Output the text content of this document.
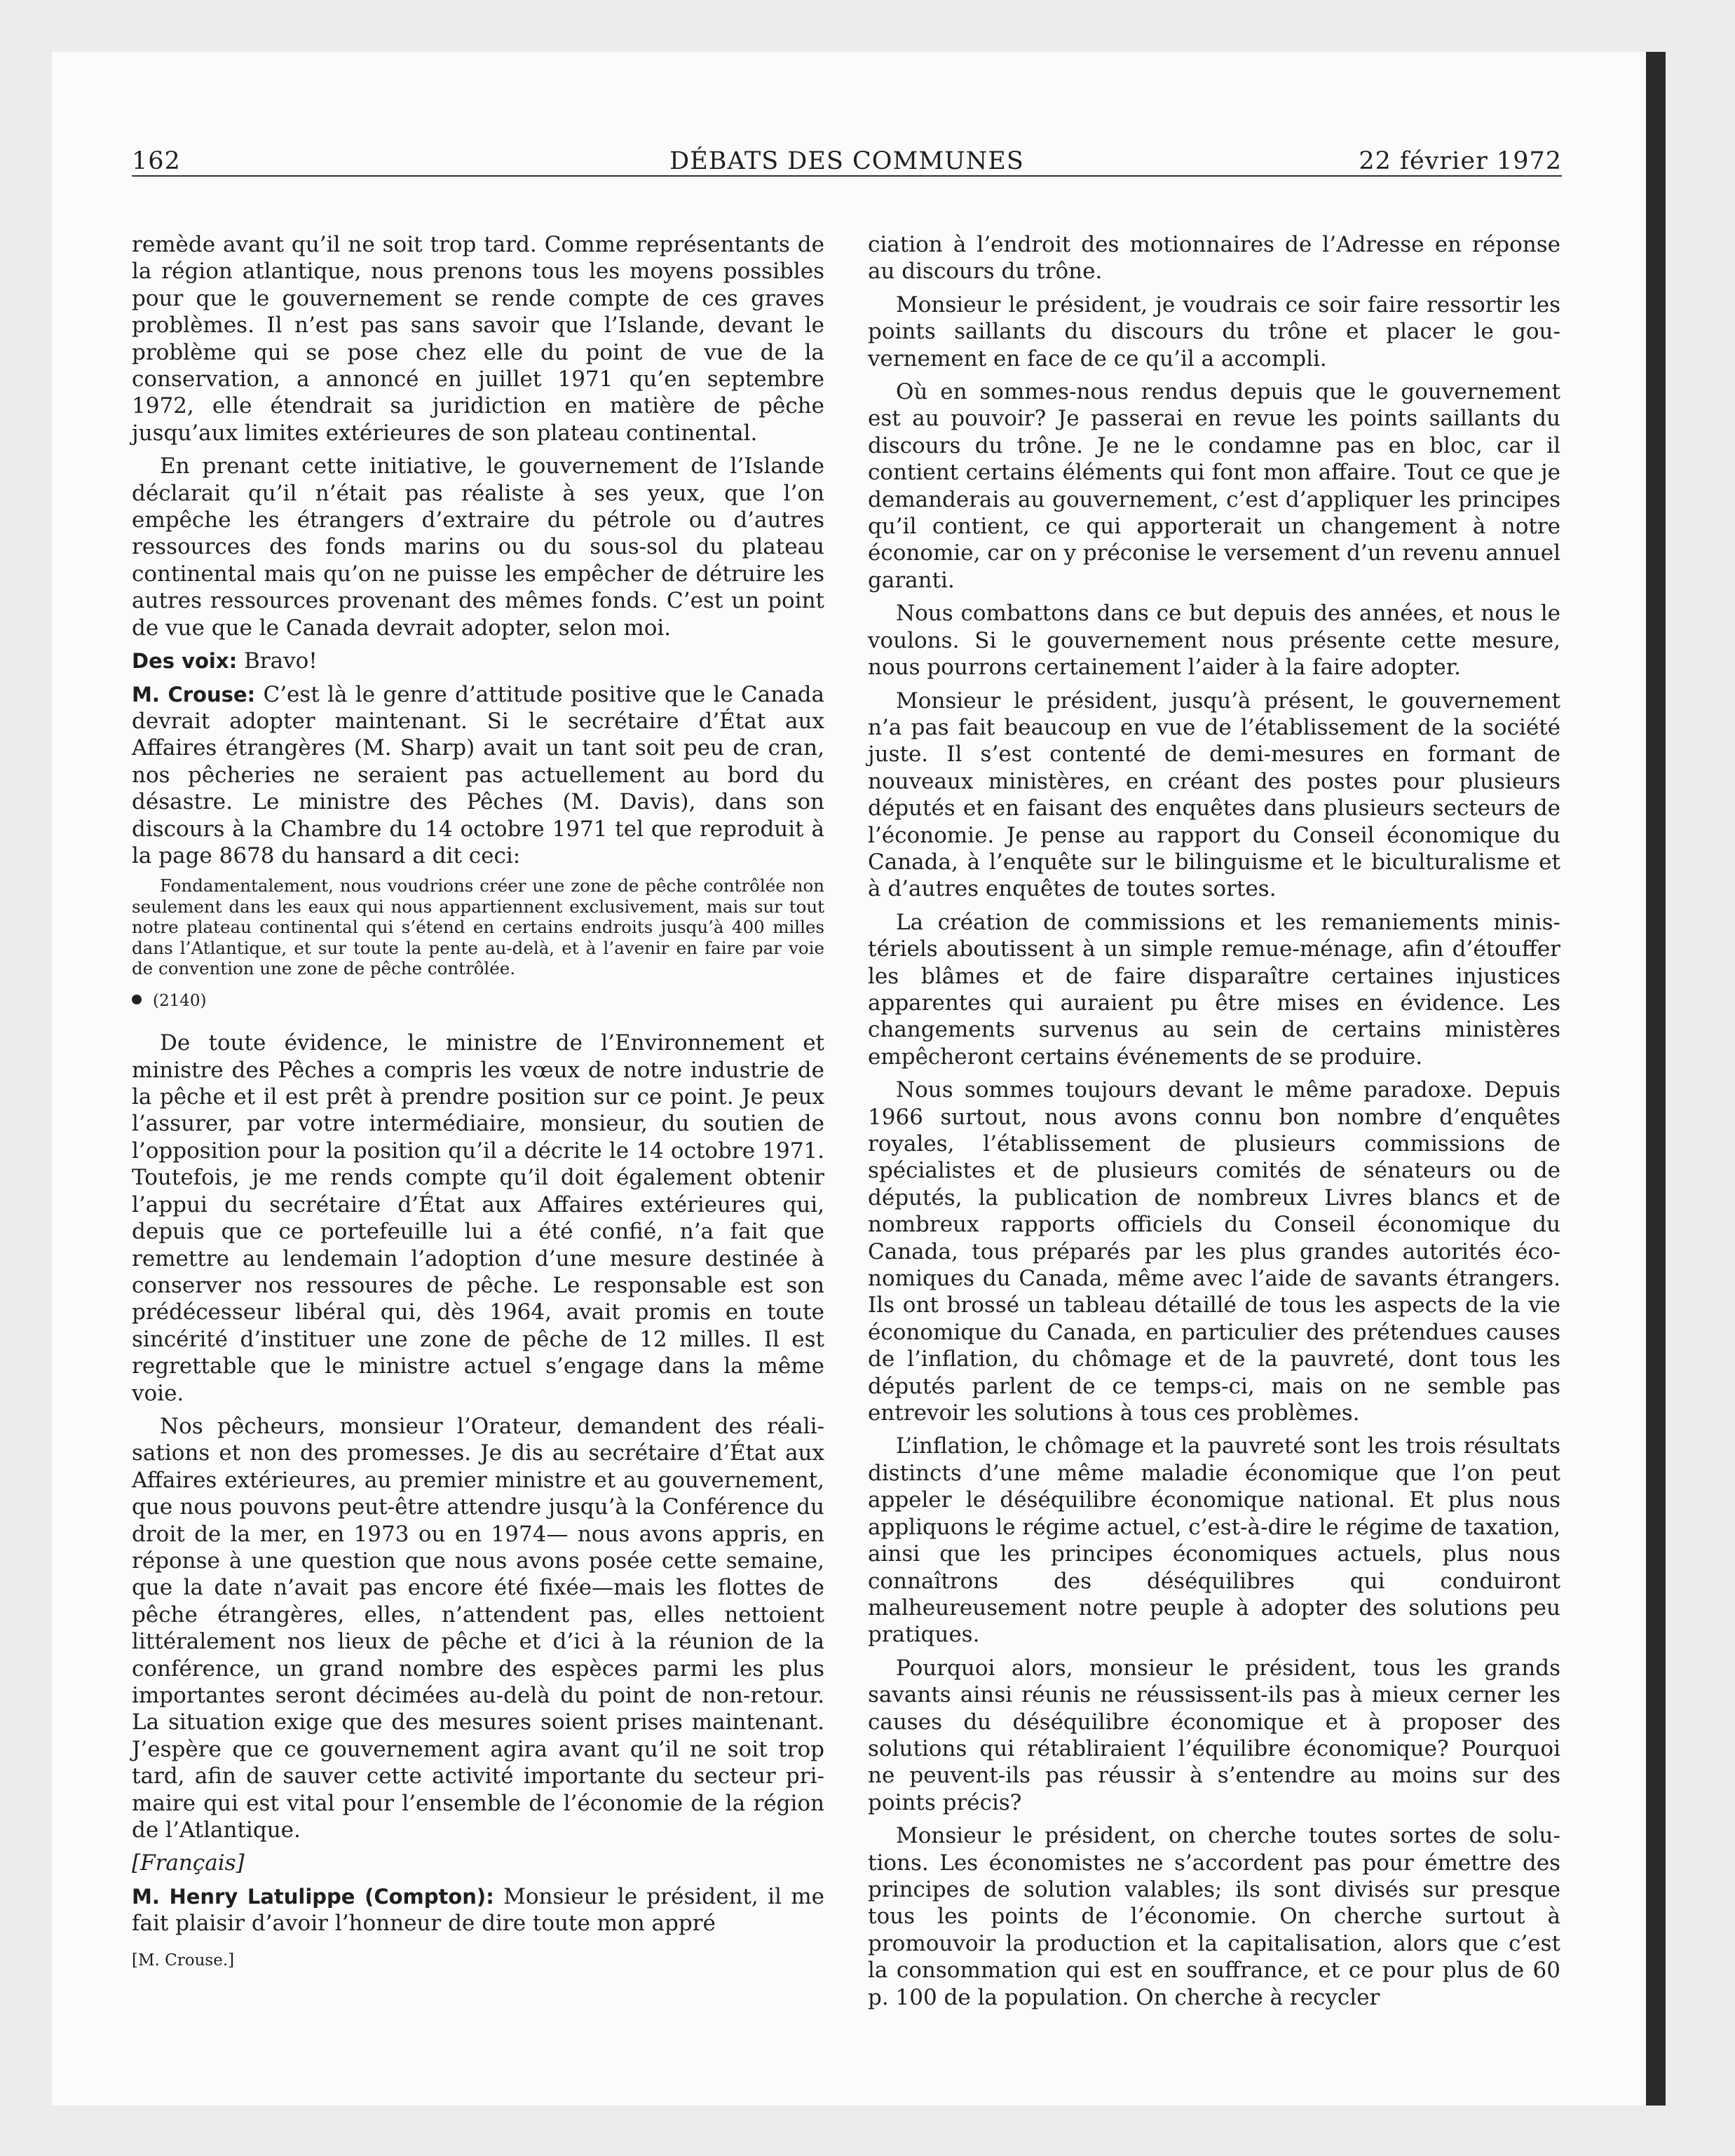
DÉBATS DES COMMUNES
162	22 février 1972

remède avant qu’il ne soit trop tard. Comme représentants de la région atlantique, nous prenons tous les moyens possibles pour que le gouvernement se rende compte de ces graves problèmes. Il n’est pas sans savoir que l’Islande, devant le problème qui se pose chez elle du point de vue de la conservation, a annoncé en juillet 1971 qu’en septembre 1972, elle étendrait sa juridiction en matière de pêche jusqu’aux limites extérieures de son plateau continental.

En prenant cette initiative, le gouvernement de l’Islande déclarait qu’il n’était pas réaliste à ses yeux, que l’on empêche les étrangers d’extraire du pétrole ou d’autres ressources des fonds marins ou du sous-sol du plateau continental mais qu’on ne puisse les empêcher de détruire les autres ressources provenant des mêmes fonds. C’est un point de vue que le Canada devrait adopter, selon moi.

Des voix: Bravo!

M. Crouse: C’est là le genre d’attitude positive que le Canada devrait adopter maintenant. Si le secrétaire d’État aux Affaires étrangères (M. Sharp) avait un tant soit peu de cran, nos pêcheries ne seraient pas actuellement au bord du désastre. Le ministre des Pêches (M. Davis), dans son discours à la Chambre du 14 octobre 1971 tel que reproduit à la page 8678 du hansard a dit ceci:

Fondamentalement, nous voudrions créer une zone de pêche contrôlée non seulement dans les eaux qui nous appartiennent exclusivement, mais sur tout notre plateau continental qui s’étend en certains endroits jusqu’à 400 milles dans l’Atlantique, et sur toute la pente au-delà, et à l’avenir en faire par voie de convention une zone de pêche contrôlée.

(2140)

De toute évidence, le ministre de l’Environnement et ministre des Pêches a compris les vœux de notre industrie de la pêche et il est prêt à prendre position sur ce point. Je peux l’assurer, par votre intermédiaire, monsieur, du soutien de l’opposition pour la position qu’il a décrite le 14 octobre 1971. Toutefois, je me rends compte qu’il doit également obtenir l’appui du secrétaire d’État aux Affaires extérieures qui, depuis que ce portefeuille lui a été confié, n’a fait que remettre au lendemain l’adoption d’une mesure destinée à conserver nos ressoures de pêche. Le responsable est son prédécesseur libéral qui, dès 1964, avait promis en toute sincérité d’instituer une zone de pêche de 12 milles. Il est regrettable que le ministre actuel s’engage dans la même voie.

Nos pêcheurs, monsieur l’Orateur, demandent des réalisations et non des promesses. Je dis au secrétaire d’État aux Affaires extérieures, au premier ministre et au gouvernement, que nous pouvons peut-être attendre jusqu’à la Conférence du droit de la mer, en 1973 ou en 1974— nous avons appris, en réponse à une question que nous avons posée cette semaine, que la date n’avait pas encore été fixée—mais les flottes de pêche étrangères, elles, n’attendent pas, elles nettoient littéralement nos lieux de pêche et d’ici à la réunion de la conférence, un grand nombre des espèces parmi les plus importantes seront décimées au-delà du point de non-retour. La situation exige que des mesures soient prises maintenant. J’espère que ce gouvernement agira avant qu’il ne soit trop tard, afin de sauver cette activité importante du secteur primaire qui est vital pour l’ensemble de l’économie de la région de l’Atlantique.

[Français]

M. Henry Latulippe (Compton): Monsieur le président, il me fait plaisir d’avoir l’honneur de dire toute mon appré

[M. Crouse.]

ciation à l’endroit des motionnaires de l’Adresse en réponse au discours du trône.

Monsieur le président, je voudrais ce soir faire ressortir les points saillants du discours du trône et placer le gouvernement en face de ce qu’il a accompli.

Où en sommes-nous rendus depuis que le gouvernement est au pouvoir? Je passerai en revue les points saillants du discours du trône. Je ne le condamne pas en bloc, car il contient certains éléments qui font mon affaire. Tout ce que je demanderais au gouvernement, c’est d’appliquer les principes qu’il contient, ce qui apporterait un changement à notre économie, car on y préconise le versement d’un revenu annuel garanti.

Nous combattons dans ce but depuis des années, et nous le voulons. Si le gouvernement nous présente cette mesure, nous pourrons certainement l’aider à la faire adopter.

Monsieur le président, jusqu’à présent, le gouvernement n’a pas fait beaucoup en vue de l’établissement de la société juste. Il s’est contenté de demi-mesures en formant de nouveaux ministères, en créant des postes pour plusieurs députés et en faisant des enquêtes dans plusieurs secteurs de l’économie. Je pense au rapport du Conseil économique du Canada, à l’enquête sur le bilinguisme et le biculturalisme et à d’autres enquêtes de toutes sortes.

La création de commissions et les remaniements ministériels aboutissent à un simple remue-ménage, afin d’étouffer les blâmes et de faire disparaître certaines injustices apparentes qui auraient pu être mises en évidence. Les changements survenus au sein de certains ministères empêcheront certains événements de se produire.

Nous sommes toujours devant le même paradoxe. Depuis 1966 surtout, nous avons connu bon nombre d’enquêtes royales, l’établissement de plusieurs commissions de spécialistes et de plusieurs comités de sénateurs ou de députés, la publication de nombreux Livres blancs et de nombreux rapports officiels du Conseil économique du Canada, tous préparés par les plus grandes autorités économiques du Canada, même avec l’aide de savants étrangers. Ils ont brossé un tableau détaillé de tous les aspects de la vie économique du Canada, en particulier des prétendues causes de l’inflation, du chômage et de la pauvreté, dont tous les députés parlent de ce temps-ci, mais on ne semble pas entrevoir les solutions à tous ces problèmes.

L’inflation, le chômage et la pauvreté sont les trois résultats distincts d’une même maladie économique que l’on peut appeler le déséquilibre économique national. Et plus nous appliquons le régime actuel, c’est-à-dire le régime de taxation, ainsi que les principes économiques actuels, plus nous connaîtrons des déséquilibres qui conduiront malheureusement notre peuple à adopter des solutions peu pratiques.

Pourquoi alors, monsieur le président, tous les grands savants ainsi réunis ne réussissent-ils pas à mieux cerner les causes du déséquilibre économique et à proposer des solutions qui rétabliraient l’équilibre économique? Pourquoi ne peuvent-ils pas réussir à s’entendre au moins sur des points précis?

Monsieur le président, on cherche toutes sortes de solutions. Les économistes ne s’accordent pas pour émettre des principes de solution valables; ils sont divisés sur presque tous les points de l’économie. On cherche surtout à promouvoir la production et la capitalisation, alors que c’est la consommation qui est en souffrance, et ce pour plus de 60 p. 100 de la population. On cherche à recycler
